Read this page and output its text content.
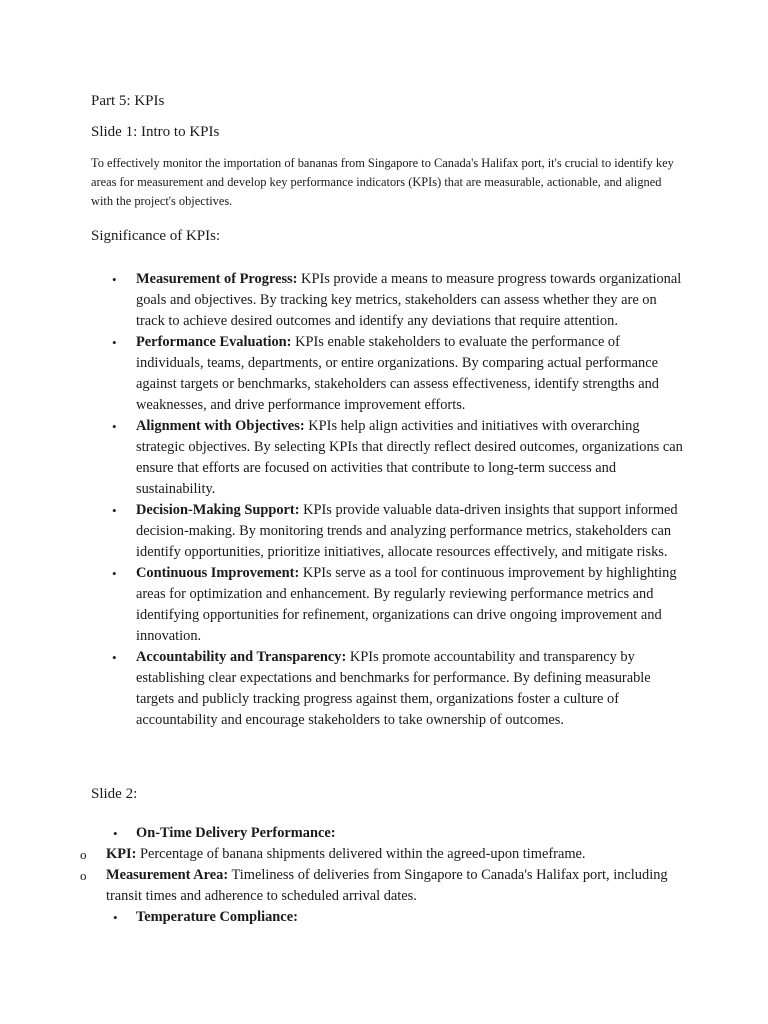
Part 5: KPIs
Slide 1: Intro to KPIs
To effectively monitor the importation of bananas from Singapore to Canada's Halifax port, it's crucial to identify key areas for measurement and develop key performance indicators (KPIs) that are measurable, actionable, and aligned with the project's objectives.
Significance of KPIs:
• Measurement of Progress: KPIs provide a means to measure progress towards organizational goals and objectives. By tracking key metrics, stakeholders can assess whether they are on track to achieve desired outcomes and identify any deviations that require attention.
• Performance Evaluation: KPIs enable stakeholders to evaluate the performance of individuals, teams, departments, or entire organizations. By comparing actual performance against targets or benchmarks, stakeholders can assess effectiveness, identify strengths and weaknesses, and drive performance improvement efforts.
• Alignment with Objectives: KPIs help align activities and initiatives with overarching strategic objectives. By selecting KPIs that directly reflect desired outcomes, organizations can ensure that efforts are focused on activities that contribute to long-term success and sustainability.
• Decision-Making Support: KPIs provide valuable data-driven insights that support informed decision-making. By monitoring trends and analyzing performance metrics, stakeholders can identify opportunities, prioritize initiatives, allocate resources effectively, and mitigate risks.
• Continuous Improvement: KPIs serve as a tool for continuous improvement by highlighting areas for optimization and enhancement. By regularly reviewing performance metrics and identifying opportunities for refinement, organizations can drive ongoing improvement and innovation.
• Accountability and Transparency: KPIs promote accountability and transparency by establishing clear expectations and benchmarks for performance. By defining measurable targets and publicly tracking progress against them, organizations foster a culture of accountability and encourage stakeholders to take ownership of outcomes.
Slide 2:
• On-Time Delivery Performance:
o KPI: Percentage of banana shipments delivered within the agreed-upon timeframe.
o Measurement Area: Timeliness of deliveries from Singapore to Canada's Halifax port, including transit times and adherence to scheduled arrival dates.
• Temperature Compliance:
